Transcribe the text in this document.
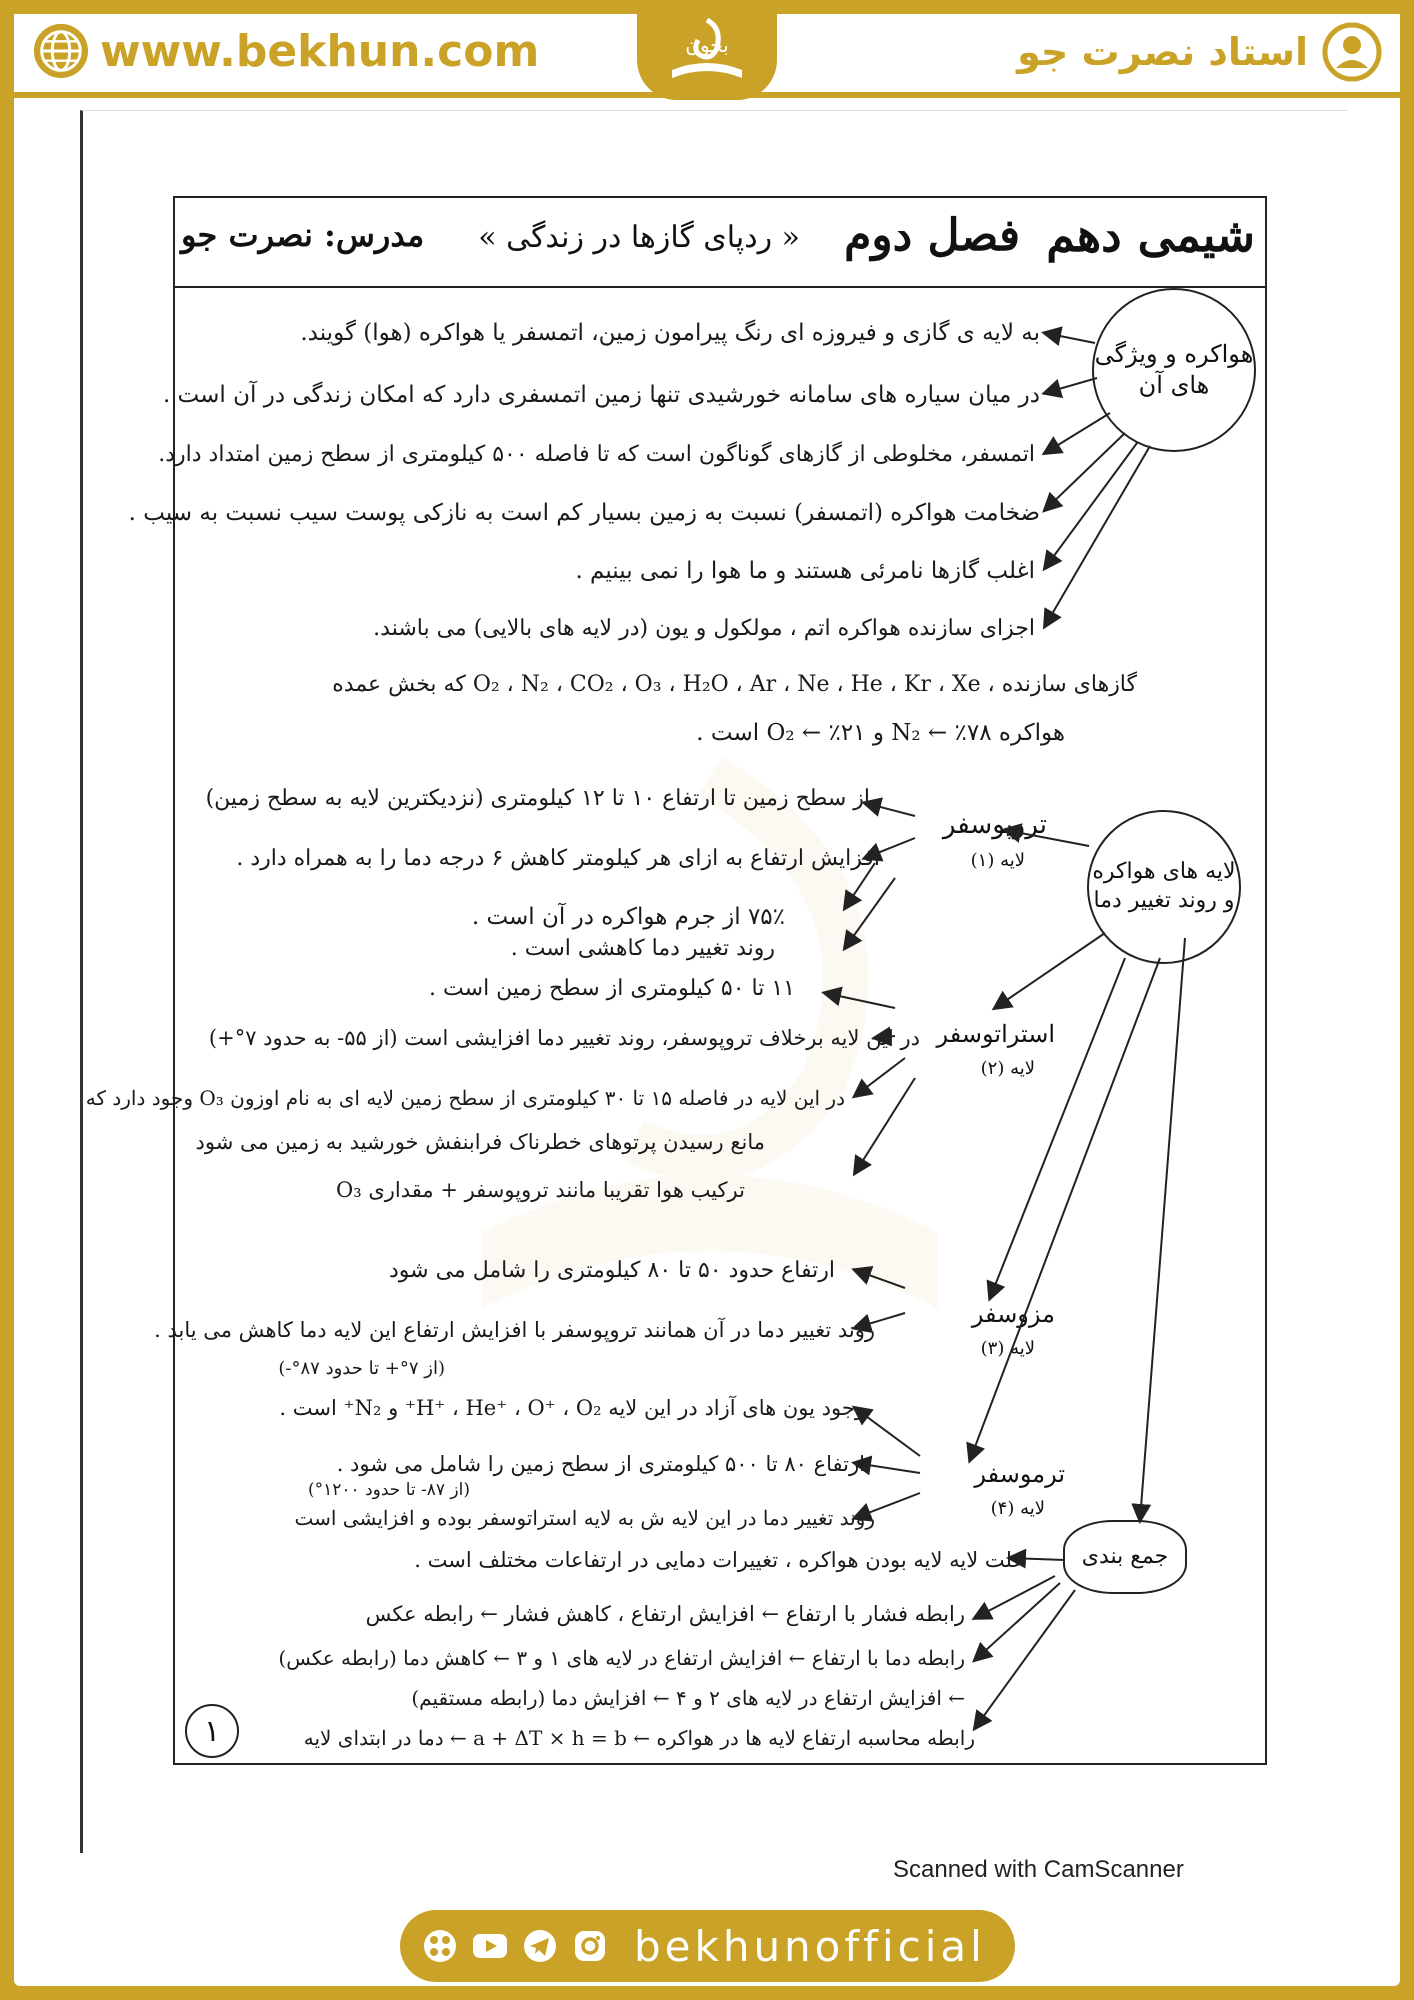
www.bekhun.com	استاد نصرت جو
بخون
شیمی دهم
فصل دوم
« ردپای گازها در زندگی »
مدرس: نصرت جو
هواکره و ویژگی های آن
لایه های هواکره و روند تغییر دما
جمع بندی
به لایه ی گازی و فیروزه ای رنگ پیرامون زمین، اتمسفر یا هواکره (هوا) گویند.
در میان سیاره های سامانه خورشیدی تنها زمین اتمسفری دارد که امکان زندگی در آن است .
اتمسفر، مخلوطی از گازهای گوناگون است که تا فاصله ۵۰۰ کیلومتری از سطح زمین امتداد دارد.
ضخامت هواکره (اتمسفر) نسبت به زمین بسیار کم است به نازکی پوست سیب نسبت به سیب .
اغلب گازها نامرئی هستند و ما هوا را نمی بینیم .
اجزای سازنده هواکره اتم ، مولکول و یون (در لایه های بالایی) می باشند.
گازهای سازنده ، O₂ ، N₂ ، CO₂ ، O₃ ، H₂O ، Ar ، Ne ، He ، Kr ، Xe که بخش عمده
هواکره ۷۸٪ ← N₂ و ۲۱٪ ← O₂ است .
تروپوسفر
لایه (۱)
از سطح زمین تا ارتفاع ۱۰ تا ۱۲ کیلومتری (نزدیکترین لایه به سطح زمین)
افزایش ارتفاع به ازای هر کیلومتر کاهش ۶ درجه دما را به همراه دارد .
۷۵٪ از جرم هواکره در آن است .
روند تغییر دما کاهشی است .
۱۱ تا ۵۰ کیلومتری از سطح زمین است .
استراتوسفر
لایه (۲)
در این لایه برخلاف تروپوسفر، روند تغییر دما افزایشی است (از ۵۵- به حدود ۷°+)
در این لایه در فاصله ۱۵ تا ۳۰ کیلومتری از سطح زمین لایه ای به نام اوزون O₃ وجود دارد که
مانع رسیدن پرتوهای خطرناک فرابنفش خورشید به زمین می شود
ترکیب هوا تقریبا مانند تروپوسفر + مقداری O₃
ارتفاع حدود ۵۰ تا ۸۰ کیلومتری را شامل می شود
مزوسفر
لایه (۳)
روند تغییر دما در آن همانند تروپوسفر با افزایش ارتفاع این لایه دما کاهش می یابد .
(از ۷°+ تا حدود ۸۷°-)
وجود یون های آزاد در این لایه H⁺ ، He⁺ ، O⁺ ، O₂⁺ و N₂⁺ است .
ارتفاع ۸۰ تا ۵۰۰ کیلومتری از سطح زمین را شامل می شود .	ترموسفر
لایه (۴)
روند تغییر دما در این لایه ش به لایه استراتوسفر بوده و افزایشی است
(از ۸۷- تا حدود ۱۲۰۰°)
علت لایه لایه بودن هواکره ، تغییرات دمایی در ارتفاعات مختلف است .
رابطه فشار با ارتفاع ← افزایش ارتفاع ، کاهش فشار ← رابطه عکس
رابطه دما با ارتفاع ← افزایش ارتفاع در لایه های ۱ و ۳ ← کاهش دما (رابطه عکس)
← افزایش ارتفاع در لایه های ۲ و ۴ ← افزایش دما (رابطه مستقیم)
رابطه محاسبه ارتفاع لایه ها در هواکره ← a + ΔT × h = b ← دما در ابتدای لایه
۱
Scanned with CamScanner
bekhunofficial
